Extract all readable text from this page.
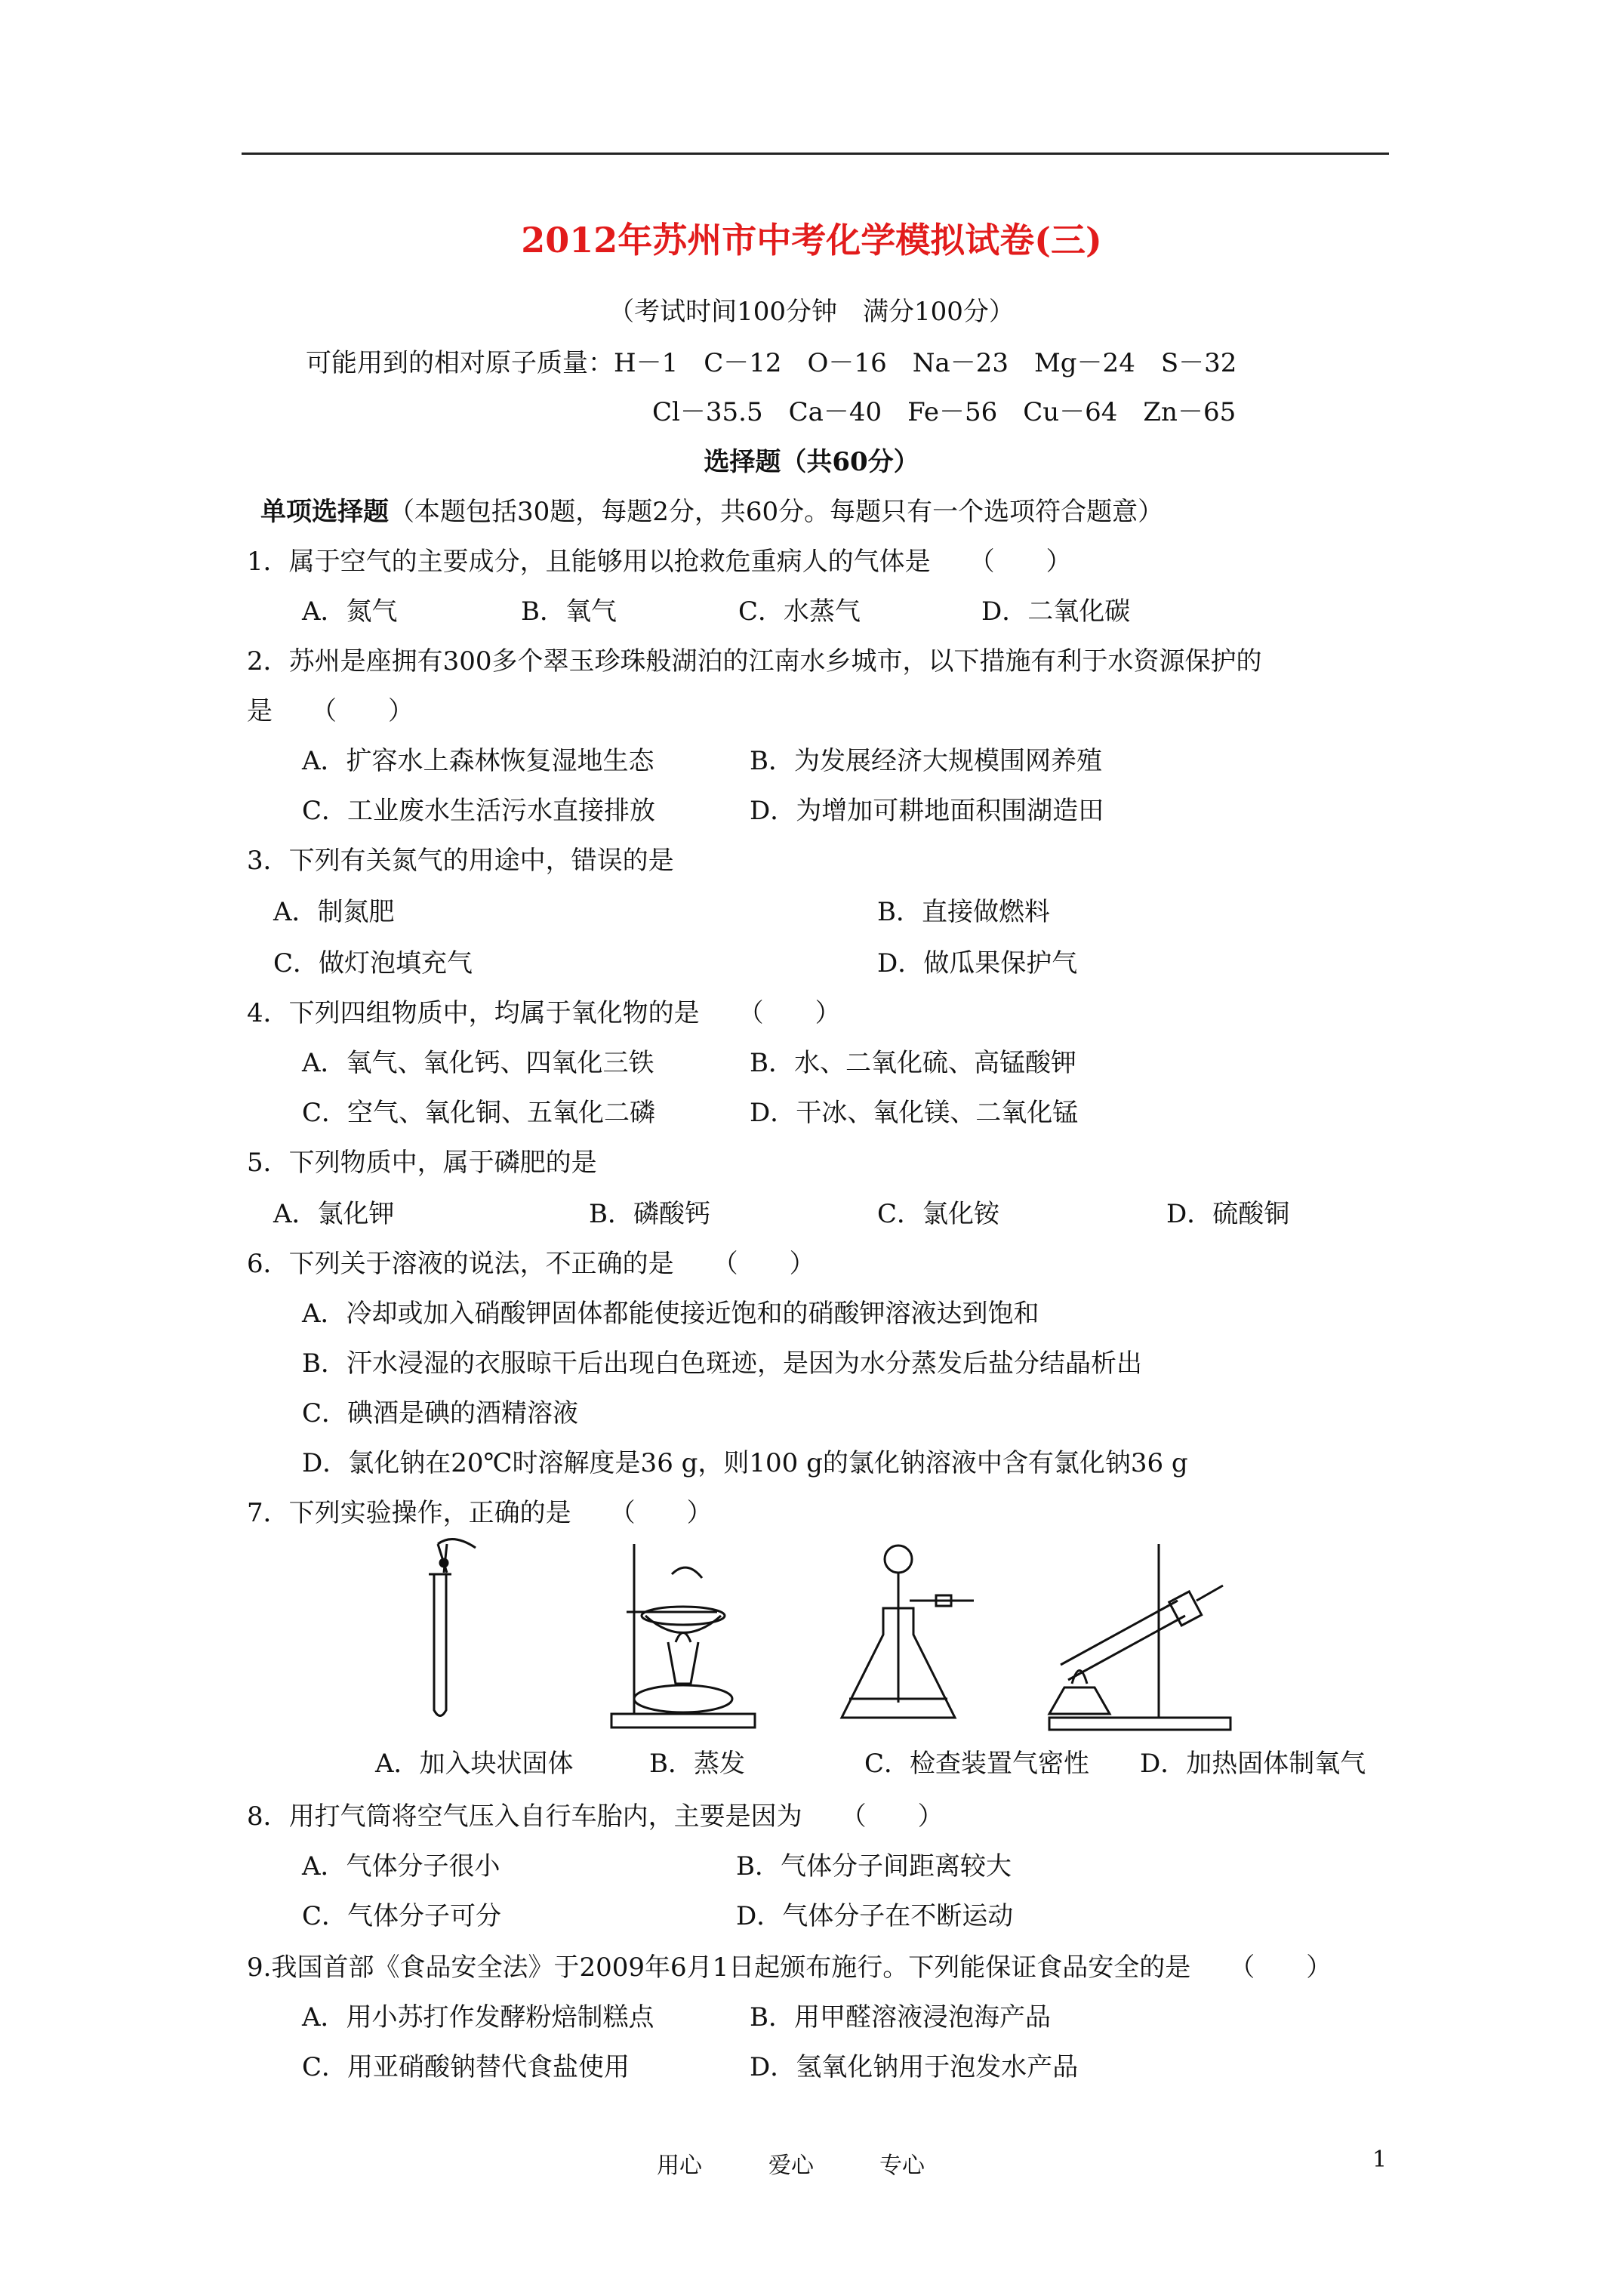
2012年苏州市中考化学模拟试卷(三)
（考试时间100分钟　满分100分）
可能用到的相对原子质量：H－1　C－12　O－16　Na－23　Mg－24　S－32
Cl－35.5　Ca－40　Fe－56　Cu－64　Zn－65
选择题（共60分）
单项选择题（本题包括30题，每题2分，共60分。每题只有一个选项符合题意）
1．属于空气的主要成分，且能够用以抢救危重病人的气体是　　（　　）
A．氮气	B．氧气	C．水蒸气	D．二氧化碳
2．苏州是座拥有300多个翠玉珍珠般湖泊的江南水乡城市，以下措施有利于水资源保护的
是　　（　　）
A．扩容水上森林恢复湿地生态	B．为发展经济大规模围网养殖
C．工业废水生活污水直接排放	D．为增加可耕地面积围湖造田
3．下列有关氮气的用途中，错误的是
A．制氮肥	B．直接做燃料
C．做灯泡填充气	D．做瓜果保护气
4．下列四组物质中，均属于氧化物的是　　（　　）
A．氧气、氧化钙、四氧化三铁	B．水、二氧化硫、高锰酸钾
C．空气、氧化铜、五氧化二磷	D．干冰、氧化镁、二氧化锰
5．下列物质中，属于磷肥的是
A．氯化钾	B．磷酸钙	C．氯化铵	D．硫酸铜
6．下列关于溶液的说法，不正确的是　　（　　）
A．冷却或加入硝酸钾固体都能使接近饱和的硝酸钾溶液达到饱和
B．汗水浸湿的衣服晾干后出现白色斑迹，是因为水分蒸发后盐分结晶析出
C．碘酒是碘的酒精溶液
D．氯化钠在20℃时溶解度是36 g，则100 g的氯化钠溶液中含有氯化钠36 g
7．下列实验操作，正确的是　　（　　）
A．加入块状固体	B．蒸发	C．检查装置气密性 D．加热固体制氧气
8．用打气筒将空气压入自行车胎内，主要是因为　　（　　）
A．气体分子很小	B．气体分子间距离较大
C．气体分子可分	D．气体分子在不断运动
9.我国首部《食品安全法》于2009年6月1日起颁布施行。下列能保证食品安全的是　　（　　）
A．用小苏打作发酵粉焙制糕点	B．用甲醛溶液浸泡海产品
C．用亚硝酸钠替代食盐使用	D．氢氧化钠用于泡发水产品
用心	爱心	专心	1
